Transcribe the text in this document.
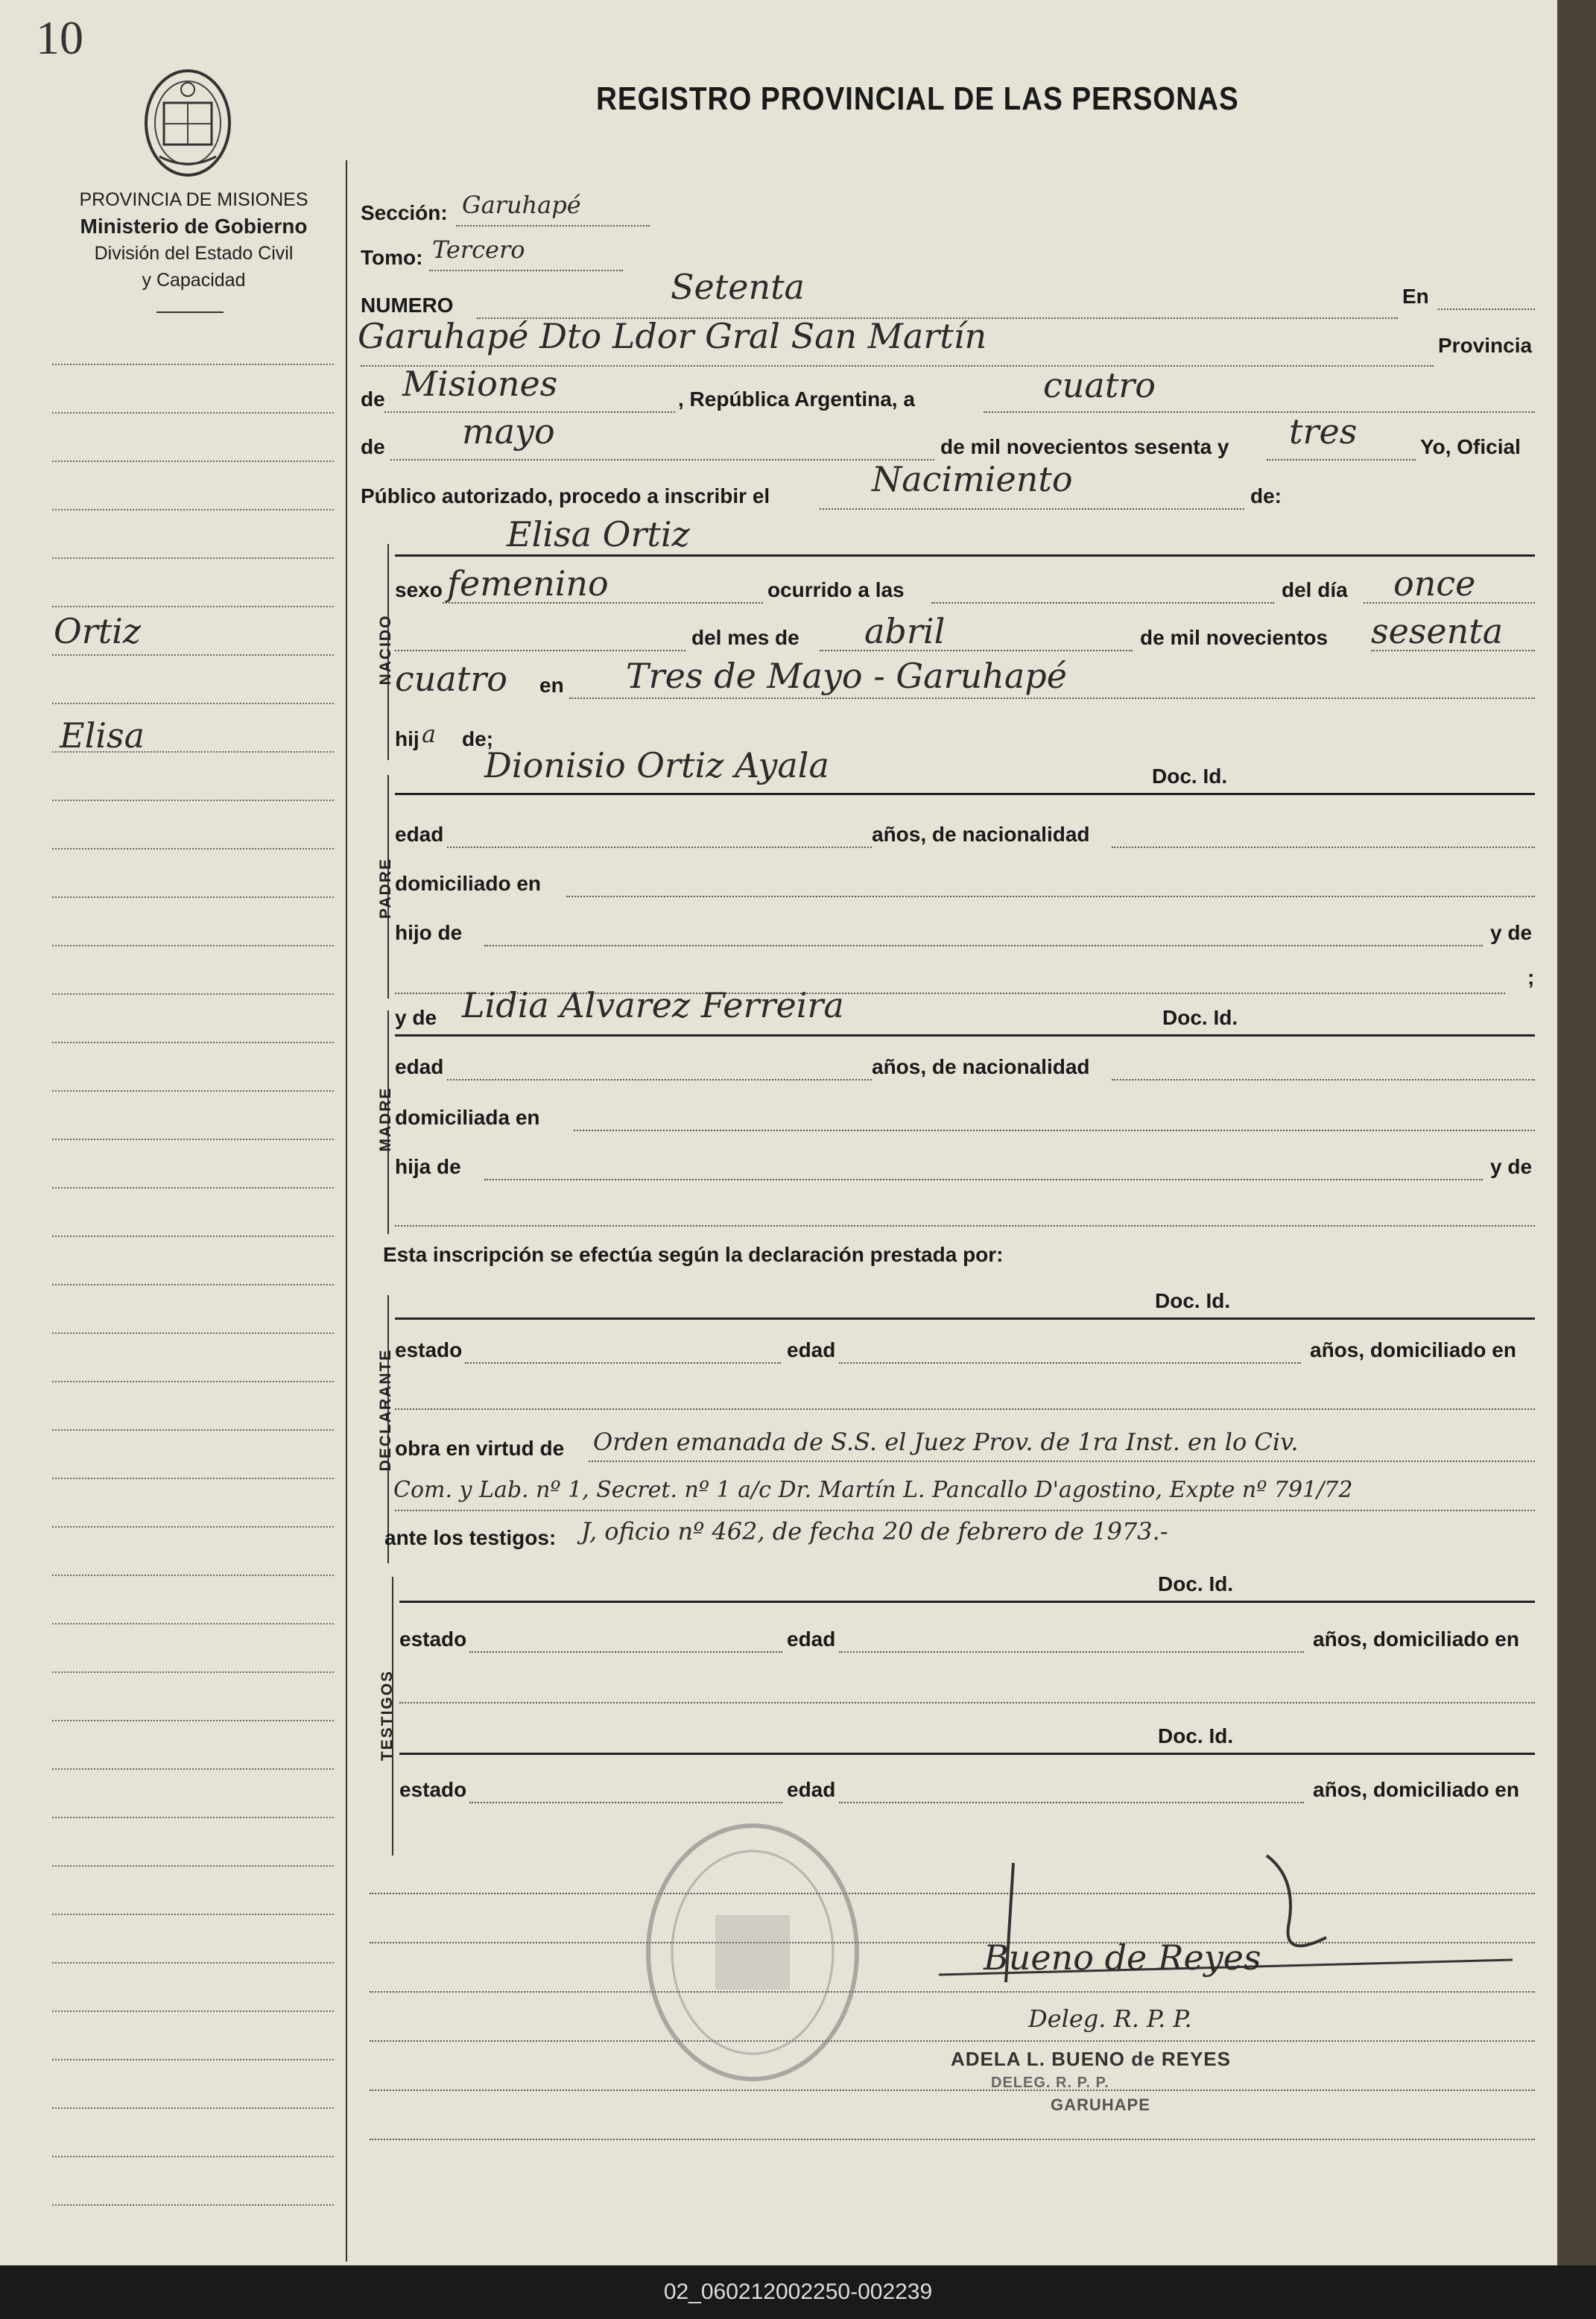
10
REGISTRO PROVINCIAL DE LAS PERSONAS
PROVINCIA DE MISIONES
Ministerio de Gobierno
División del Estado Civil
y Capacidad
Ortiz
Elisa
Sección: Garuhapé
Tomo: Tercero
NUMERO	Setenta	En
Garuhapé Dto Ldor Gral San Martín	Provincia
de Misiones	, República Argentina, a	cuatro
de mayo	de mil novecientos sesenta y tres	Yo, Oficial
Público autorizado, procedo a inscribir el	Nacimiento	de:
NACIDO
Elisa Ortiz
sexo femenino	ocurrido a las	del día once
del mes de abril	de mil novecientos sesenta
cuatro en Tres de Mayo - Garuhapé
hij a de;
PADRE
Dionisio Ortiz Ayala	Doc. Id.
edad	años, de nacionalidad
domiciliado en
hijo de	y de
;
MADRE
y de Lidia Alvarez Ferreira	Doc. Id.
edad	años, de nacionalidad
domiciliada en
hija de	y de
Esta inscripción se efectúa según la declaración prestada por:
DECLARANTE
Doc. Id.
estado	edad	años, domiciliado en
obra en virtud de Orden emanada de S.S. el Juez Prov. de 1ra Inst. en lo Civ.
Com. y Lab. nº 1, Secret. nº 1 a/c Dr. Martín L. Pancallo D'agostino, Expte nº 791/72
ante los testigos: J, oficio nº 462, de fecha 20 de febrero de 1973.-
TESTIGOS
Doc. Id.
estado	edad	años, domiciliado en
Doc. Id.
estado	edad	años, domiciliado en
Bueno de Reyes
Deleg. R. P. P.
ADELA L. BUENO de REYES
DELEG. R. P. P.
GARUHAPE
02_060212002250-002239
